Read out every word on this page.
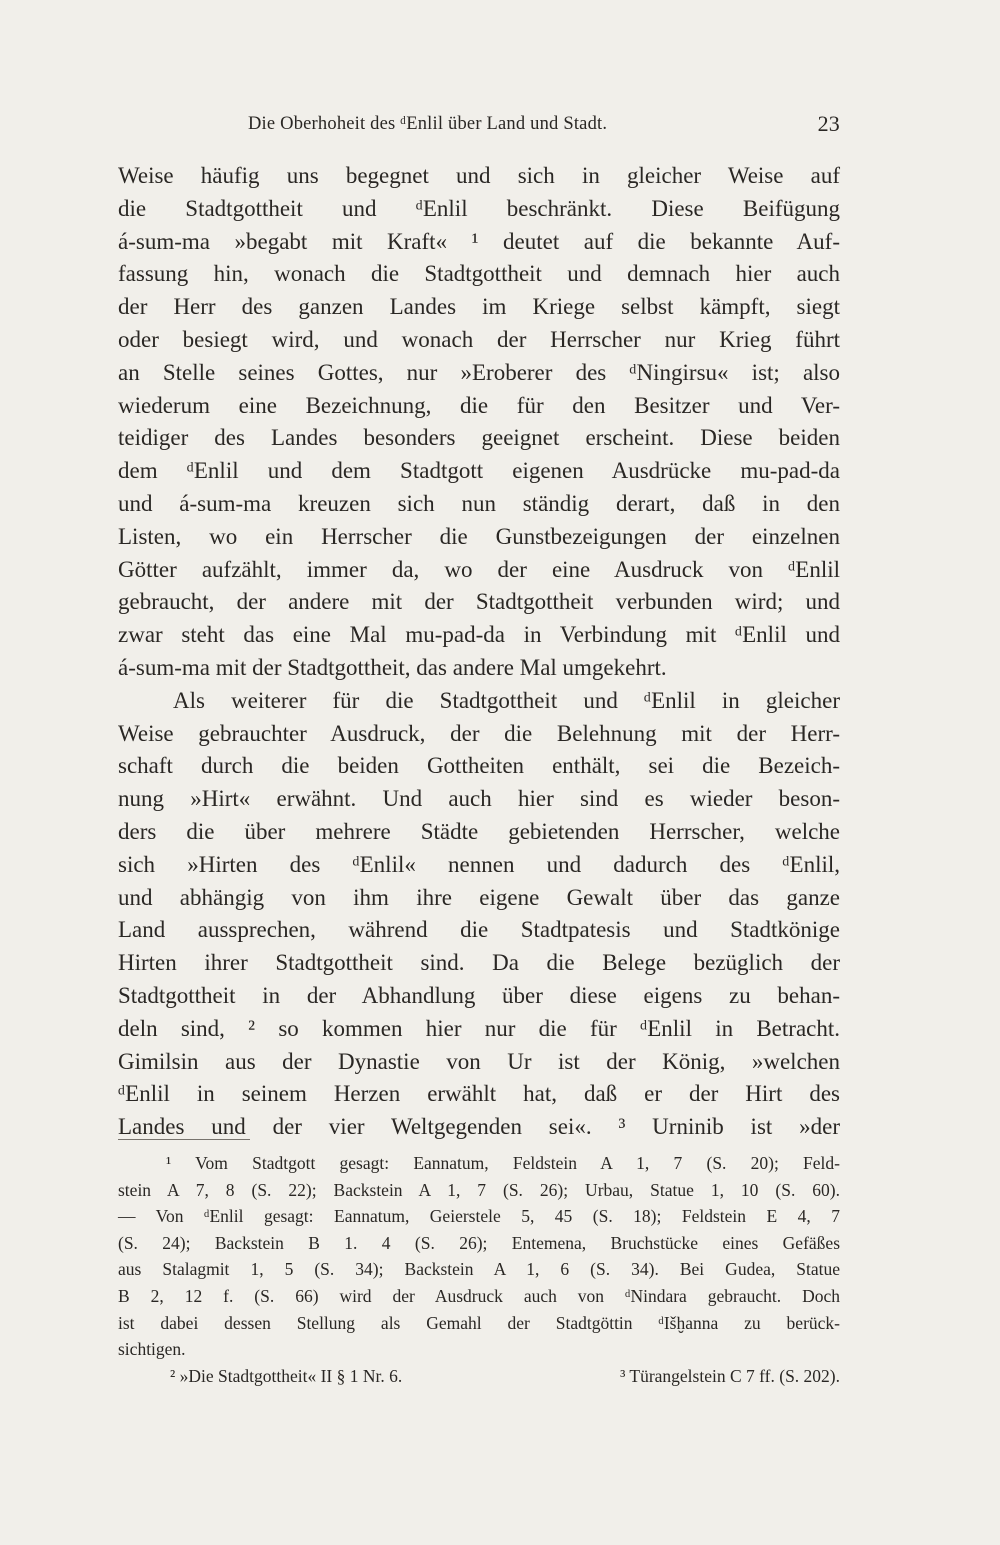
Die Oberhoheit des ᵈEnlil über Land und Stadt.	23
Weise häufig uns begegnet und sich in gleicher Weise auf
die Stadtgottheit und ᵈEnlil beschränkt. Diese Beifügung
á-sum-ma »begabt mit Kraft« ¹ deutet auf die bekannte Auf-
fassung hin, wonach die Stadtgottheit und demnach hier auch
der Herr des ganzen Landes im Kriege selbst kämpft, siegt
oder besiegt wird, und wonach der Herrscher nur Krieg führt
an Stelle seines Gottes, nur »Eroberer des ᵈNingirsu« ist; also
wiederum eine Bezeichnung, die für den Besitzer und Ver-
teidiger des Landes besonders geeignet erscheint. Diese beiden
dem ᵈEnlil und dem Stadtgott eigenen Ausdrücke mu-pad-da
und á-sum-ma kreuzen sich nun ständig derart, daß in den
Listen, wo ein Herrscher die Gunstbezeigungen der einzelnen
Götter aufzählt, immer da, wo der eine Ausdruck von ᵈEnlil
gebraucht, der andere mit der Stadtgottheit verbunden wird; und
zwar steht das eine Mal mu-pad-da in Verbindung mit ᵈEnlil und
á-sum-ma mit der Stadtgottheit, das andere Mal umgekehrt.
Als weiterer für die Stadtgottheit und ᵈEnlil in gleicher
Weise gebrauchter Ausdruck, der die Belehnung mit der Herr-
schaft durch die beiden Gottheiten enthält, sei die Bezeich-
nung »Hirt« erwähnt. Und auch hier sind es wieder beson-
ders die über mehrere Städte gebietenden Herrscher, welche
sich »Hirten des ᵈEnlil« nennen und dadurch des ᵈEnlil,
und abhängig von ihm ihre eigene Gewalt über das ganze
Land aussprechen, während die Stadtpatesis und Stadtkönige
Hirten ihrer Stadtgottheit sind. Da die Belege bezüglich der
Stadtgottheit in der Abhandlung über diese eigens zu behan-
deln sind, ² so kommen hier nur die für ᵈEnlil in Betracht.
Gimilsin aus der Dynastie von Ur ist der König, »welchen
ᵈEnlil in seinem Herzen erwählt hat, daß er der Hirt des
Landes und der vier Weltgegenden sei«. ³ Urninib ist »der
¹ Vom Stadtgott gesagt: Eannatum, Feldstein A 1, 7 (S. 20); Feld-
stein A 7, 8 (S. 22); Backstein A 1, 7 (S. 26); Urbau, Statue 1, 10 (S. 60).
— Von ᵈEnlil gesagt: Eannatum, Geierstele 5, 45 (S. 18); Feldstein E 4, 7
(S. 24); Backstein B 1. 4 (S. 26); Entemena, Bruchstücke eines Gefäßes
aus Stalagmit 1, 5 (S. 34); Backstein A 1, 6 (S. 34). Bei Gudea, Statue
B 2, 12 f. (S. 66) wird der Ausdruck auch von ᵈNindara gebraucht. Doch
ist dabei dessen Stellung als Gemahl der Stadtgöttin ᵈIšḫanna zu berück-
sichtigen.
² »Die Stadtgottheit« II § 1 Nr. 6.	³ Türangelstein C 7 ff. (S. 202).
